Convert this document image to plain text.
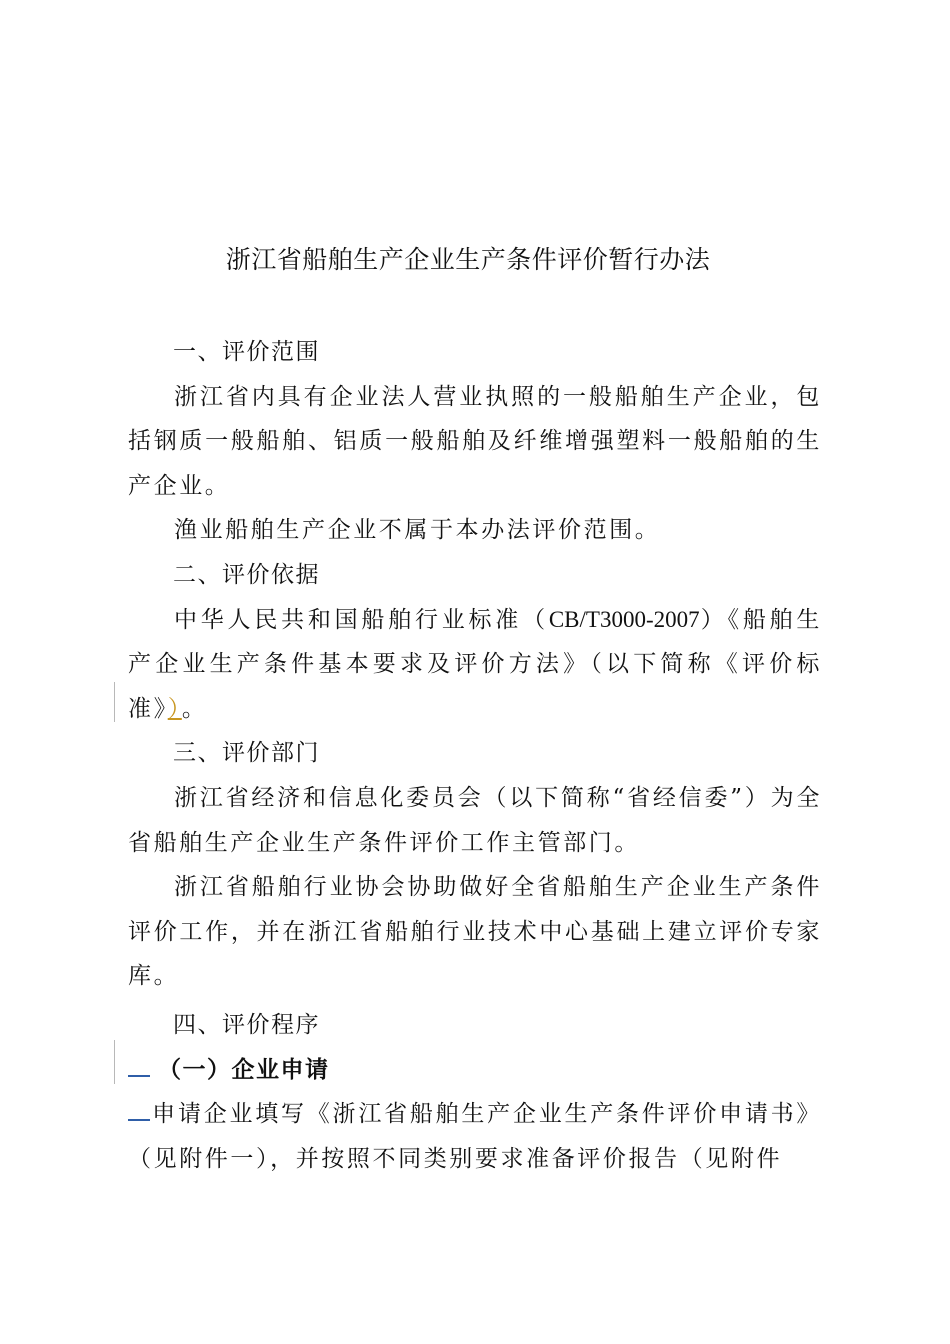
浙江省船舶生产企业生产条件评价暂行办法
一、评价范围

浙江省内具有企业法人营业执照的一般船舶生产企业，包括钢质一般船舶、铝质一般船舶及纤维增强塑料一般船舶的生产企业。

渔业船舶生产企业不属于本办法评价范围。

二、评价依据

中华人民共和国船舶行业标准（CB/T3000-2007）《船舶生产企业生产条件基本要求及评价方法》（以下简称《评价标准》）。

三、评价部门

浙江省经济和信息化委员会（以下简称“省经信委”）为全省船舶生产企业生产条件评价工作主管部门。

浙江省船舶行业协会协助做好全省船舶生产企业生产条件评价工作，并在浙江省船舶行业技术中心基础上建立评价专家库。

四、评价程序

（一）企业申请

申请企业填写《浙江省船舶生产企业生产条件评价申请书》（见附件一），并按照不同类别要求准备评价报告（见附件
